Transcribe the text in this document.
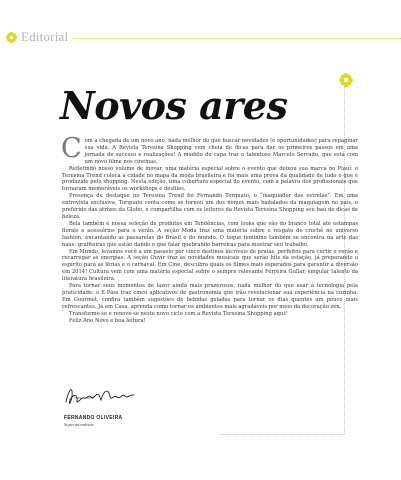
Editorial
Novos ares

Com a chegada de um novo ano, nada melhor do que buscar novidades (e oportunidades) para repaginar sua vida. A Revista Teresina Shopping vem cheia de dicas para dar os primeiros passos em uma jornada de sucesso e realizações! A modelo de capa traz o talentoso Marcelo Serrado, que está com um novo filme nos cinemas.

Refletindo nosso volume de inovar, uma matéria especial sobre o evento que deixou sua marca no Piauí: o Teresina Trend coloca a cidade no mapa da moda brasileira e foi mais uma prova da qualidade de tudo o que é produzido pelo shopping. Nesta edição, uma cobertura especial do evento, com a palavra dos profissionais que tornaram memoráveis os workshops e desfiles.

Presença de destaque no Teresina Trend foi Fernando Torquato, o “maquiador das estrelas”. Em uma entrevista exclusiva, Torquato conta como se tornou um dos nomes mais badalados da maquiagem no país, o preferido das atrizes da Globo, e compartilha com os leitores da Revista Teresina Shopping seu baú de dicas de beleza.

Bela também é nossa seleção de produtos em Tendências, com looks que vão do branco total até estampas florais e acessórios para o verão. A seção Moda traz uma matéria sobre o resgate do crochê no universo fashion, encantando as passarelas do Brasil e do mundo. O toque feminino também se encontra na arte das naus: grafiteiras que estão dando o que falar quebrando barreiras para mostrar seu trabalho.

Em Mundo, levamos você a um passeio por cinco destinos incríveis de praias, perfeitos para curtir o verão e recarregar as energias. A seção Ouvir traz as novidades musicais que serão hits da estação, já preparando o espírito para as férias e o carnaval. Em Cine, descubra quais os filmes mais esperados para garantir a diversão em 2014! Cultura vem com uma matéria especial sobre o sempre relevante Ferreira Gullar, singular talento da literatura brasileira.

Para tornar seus momentos de lazer ainda mais prazerosos, nada melhor do que usar a tecnologia pela praticidade: o E-Pass traz cinco aplicativos de gastronomia que irão revolucionar sua experiência na cozinha. Em Gourmet, confira também sugestões de bebidas geladas para tornar os dias quentes um pouco mais refrescantes. Já em Casa, aprenda como tornar os ambientes mais agradáveis por meio da decoração zen.

Transforme-se e renove-se neste novo ciclo com a Revista Teresina Shopping aqui!

Feliz Ano Novo e boa leitura!

FERNANDO OLIVEIRA
Superintendente
